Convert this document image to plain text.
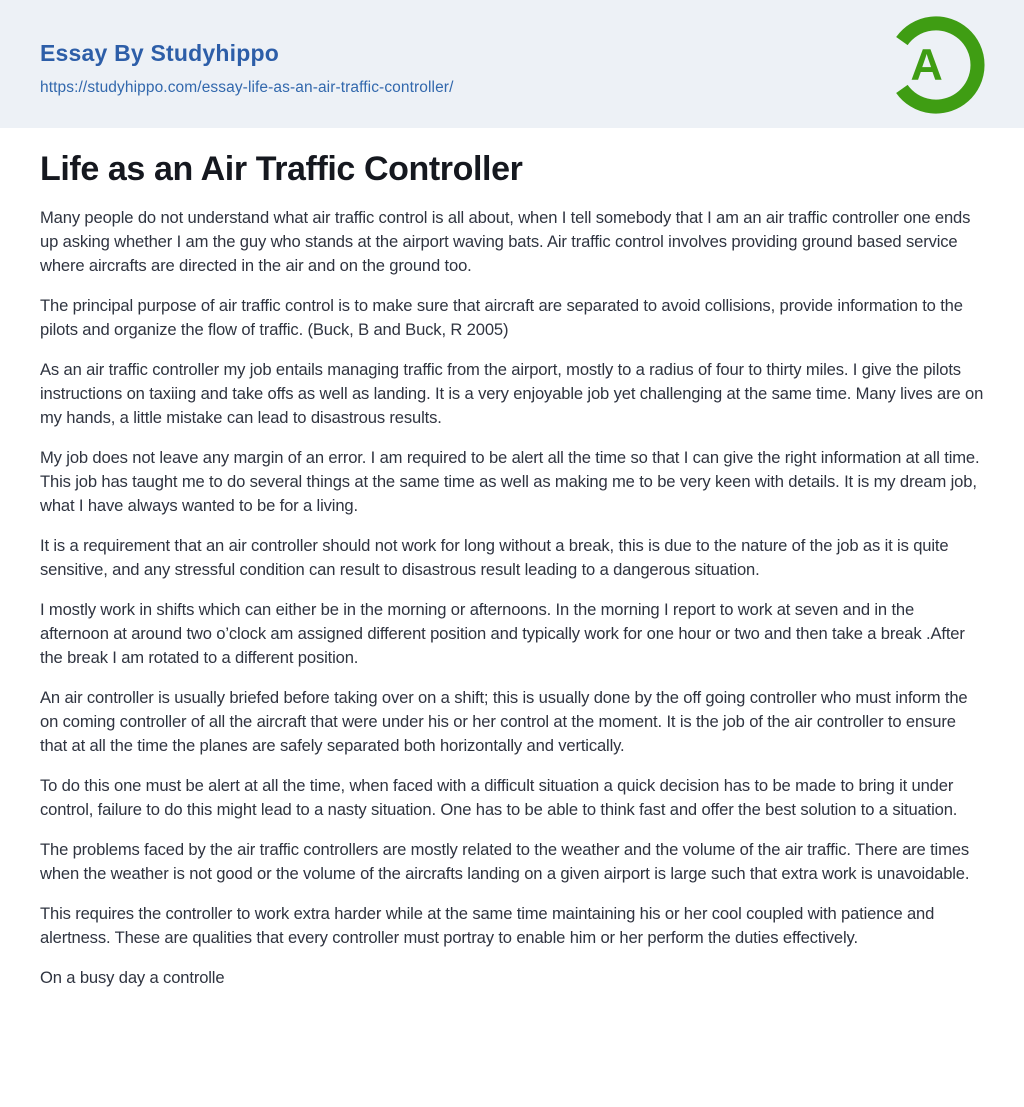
Essay By Studyhippo
https://studyhippo.com/essay-life-as-an-air-traffic-controller/	A
Life as an Air Traffic Controller

Many people do not understand what air traffic control is all about, when I tell somebody that I am an air traffic controller one ends up asking whether I am the guy who stands at the airport waving bats. Air traffic control involves providing ground based service where aircrafts are directed in the air and on the ground too.

The principal purpose of air traffic control is to make sure that aircraft are separated to avoid collisions, provide information to the pilots and organize the flow of traffic. (Buck, B and Buck, R 2005)

As an air traffic controller my job entails managing traffic from the airport, mostly to a radius of four to thirty miles. I give the pilots instructions on taxiing and take offs as well as landing. It is a very enjoyable job yet challenging at the same time. Many lives are on my hands, a little mistake can lead to disastrous results.

My job does not leave any margin of an error. I am required to be alert all the time so that I can give the right information at all time. This job has taught me to do several things at the same time as well as making me to be very keen with details. It is my dream job, what I have always wanted to be for a living.

It is a requirement that an air controller should not work for long without a break, this is due to the nature of the job as it is quite sensitive, and any stressful condition can result to disastrous result leading to a dangerous situation.

I mostly work in shifts which can either be in the morning or afternoons. In the morning I report to work at seven and in the afternoon at around two o’clock am assigned different position and typically work for one hour or two and then take a break .After the break I am rotated to a different position.

An air controller is usually briefed before taking over on a shift; this is usually done by the off going controller who must inform the on coming controller of all the aircraft that were under his or her control at the moment. It is the job of the air controller to ensure that at all the time the planes are safely separated both horizontally and vertically.

To do this one must be alert at all the time, when faced with a difficult situation a quick decision has to be made to bring it under control, failure to do this might lead to a nasty situation. One has to be able to think fast and offer the best solution to a situation.

The problems faced by the air traffic controllers are mostly related to the weather and the volume of the air traffic. There are times when the weather is not good or the volume of the aircrafts landing on a given airport is large such that extra work is unavoidable.

This requires the controller to work extra harder while at the same time maintaining his or her cool coupled with patience and alertness. These are qualities that every controller must portray to enable him or her perform the duties effectively.

On a busy day a controlle
